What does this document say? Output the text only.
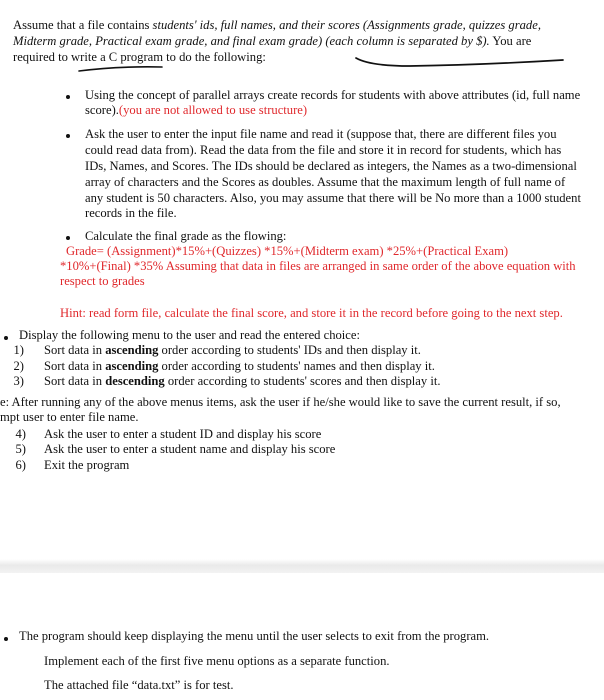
Assume that a file contains students' ids, full names, and their scores (Assignments grade, quizzes grade,
Midterm grade, Practical exam grade, and final exam grade) (each column is separated by $). You are
required to write a C program to do the following:
Using the concept of parallel arrays create records for students with above attributes (id, full name
score).(you are not allowed to use structure)
Ask the user to enter the input file name and read it (suppose that, there are different files you
could read data from). Read the data from the file and store it in record for students, which has
IDs, Names, and Scores. The IDs should be declared as integers, the Names as a two-dimensional
array of characters and the Scores as doubles. Assume that the maximum length of full name of
any student is 50 characters. Also, you may assume that there will be No more than a 1000 student
records in the file.
Calculate the final grade as the flowing:
Grade= (Assignment)*15%+(Quizzes) *15%+(Midterm exam) *25%+(Practical Exam)
*10%+(Final) *35% Assuming that data in files are arranged in same order of the above equation with
respect to grades
Hint: read form file, calculate the final score, and store it in the record before going to the next step.
Display the following menu to the user and read the entered choice:
1) Sort data in ascending order according to students' IDs and then display it.
2) Sort data in ascending order according to students' names and then display it.
3) Sort data in descending order according to students' scores and then display it.
e: After running any of the above menus items, ask the user if he/she would like to save the current result, if so,
mpt user to enter file name.
4) Ask the user to enter a student ID and display his score
5) Ask the user to enter a student name and display his score
6) Exit the program
The program should keep displaying the menu until the user selects to exit from the program.
Implement each of the first five menu options as a separate function.
The attached file “data.txt” is for test.
